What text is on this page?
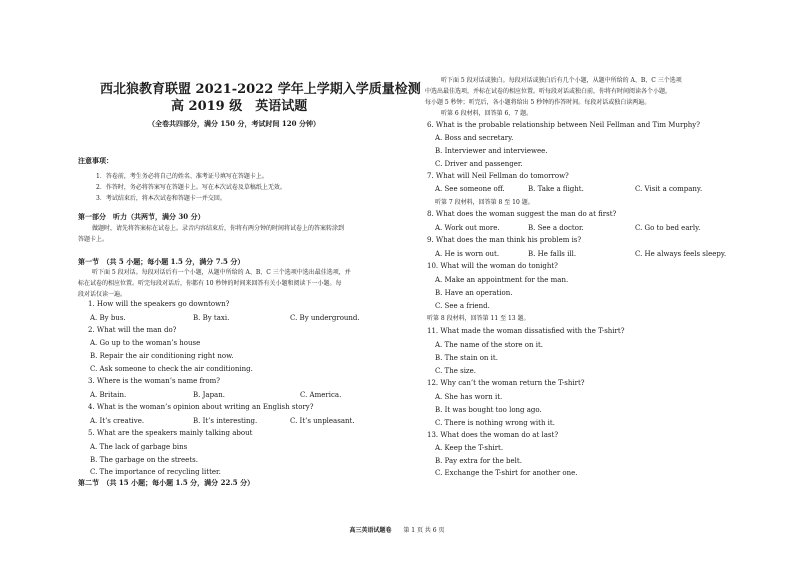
西北狼教育联盟 2021-2022 学年上学期入学质量检测
高 2019 级　英语试题
（全卷共四部分，满分 150 分，考试时间 120 分钟）
注意事项：
1．答卷前，考生务必将自己的姓名、准考证号填写在答题卡上。
2．作答时，务必将答案写在答题卡上。写在本次试卷及草稿纸上无效。
3．考试结束后，将本次试卷和答题卡一并交回。
第一部分　听力（共两节，满分 30 分）
做题时，请先将答案标在试卷上。录音内容结束后，你将有两分钟的时间将试卷上的答案转涂到
答题卡上。
第一节　（共 5 小题；每小题 1.5 分，满分 7.5 分）
听下面 5 段对话。每段对话后有一个小题，从题中所给的 A、B、C 三个选项中选出最佳选项，并
标在试卷的相应位置。听完每段对话后，你都有 10 秒钟的时间来回答有关小题和阅读下一小题。每
段对话仅读一遍。
1. How will the speakers go downtown?
A. By bus.	B. By taxi.	C. By underground.
2. What will the man do?
A. Go up to the woman’s house
B. Repair the air conditioning right now.
C. Ask someone to check the air conditioning.
3. Where is the woman’s name from?
A. Britain.	B. Japan.	C. America.
4. What is the woman’s opinion about writing an English story?
A. It’s creative.	B. It’s interesting.	C. It’s unpleasant.
5. What are the speakers mainly talking about
A. The lack of garbage bins
B. The garbage on the streets.
C. The importance of recycling litter.
第二节　（共 15 小题；每小题 1.5 分，满分 22.5 分）
听下面 5 段对话或独白。每段对话或独白后有几个小题，从题中所给的 A、B、C 三个选项
中选出最佳选项，并标在试卷的相应位置。听每段对话或独白前，你将有时间阅读各个小题，
每小题 5 秒钟；听完后，各小题将给出 5 秒钟的作答时间。每段对话或独白读两遍。
听第 6 段材料，回答第 6、7 题。
6. What is the probable relationship between Neil Fellman and Tim Murphy?
A. Boss and secretary.
B. Interviewer and interviewee.
C. Driver and passenger.
7. What will Neil Fellman do tomorrow?
A. See someone off.	B. Take a flight.	C. Visit a company.
听第 7 段材料，回答第 8 至 10 题。
8. What does the woman suggest the man do at first?
A. Work out more.	B. See a doctor.	C. Go to bed early.
9. What does the man think his problem is?
A. He is worn out.	B. He falls ill.	C. He always feels sleepy.
10. What will the woman do tonight?
A. Make an appointment for the man.
B. Have an operation.
C. See a friend.
听第 8 段材料，回答第 11 至 13 题。
11. What made the woman dissatisfied with the T-shirt?
A. The name of the store on it.
B. The stain on it.
C. The size.
12. Why can’t the woman return the T-shirt?
A. She has worn it.
B. It was bought too long ago.
C. There is nothing wrong with it.
13. What does the woman do at last?
A. Keep the T-shirt.
B. Pay extra for the belt.
C. Exchange the T-shirt for another one.
高三英语试题卷 第 1 页 共 6 页
